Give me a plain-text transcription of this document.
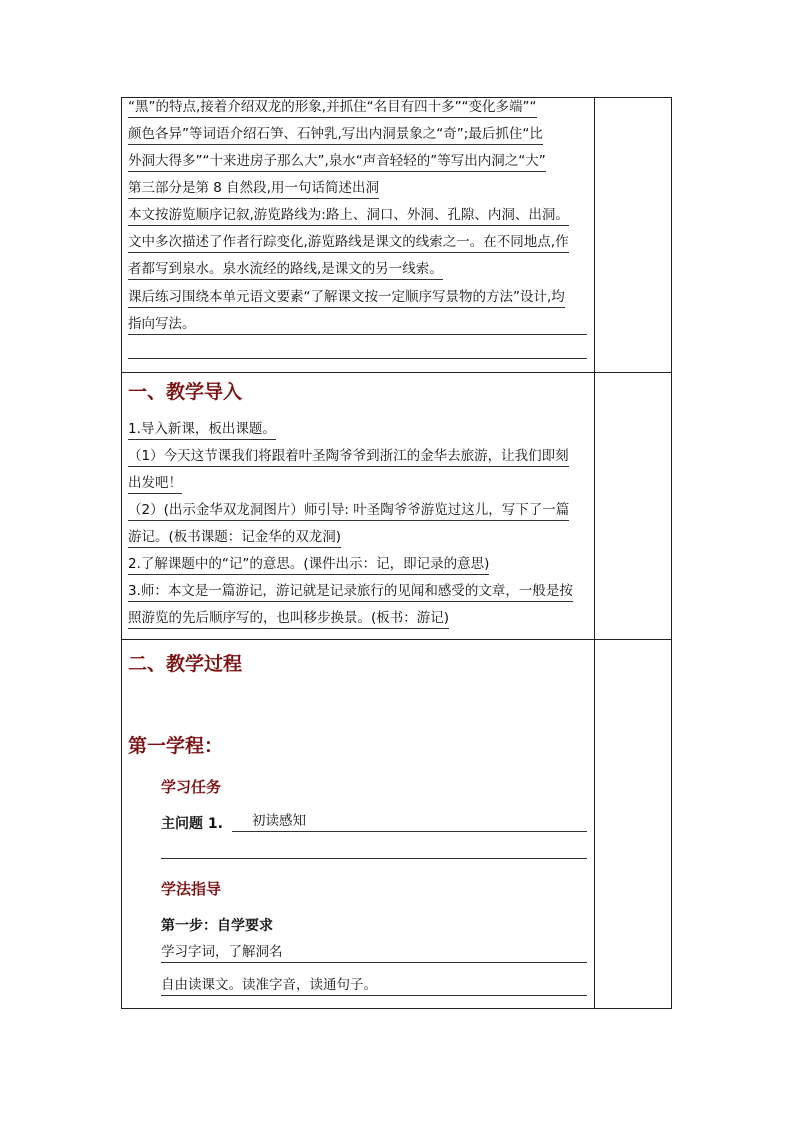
“黑”的特点,接着介绍双龙的形象,并抓住“名目有四十多”“变化多端”“
颜色各异”等词语介绍石笋、石钟乳,写出内洞景象之“奇”;最后抓住“比
外洞大得多”“十来进房子那么大”,泉水“声音轻轻的”等写出内洞之“大”
第三部分是第 8 自然段,用一句话简述出洞
本文按游览顺序记叙,游览路线为:路上、洞口、外洞、孔隙、内洞、出洞。
文中多次描述了作者行踪变化,游览路线是课文的线索之一。在不同地点,作
者都写到泉水。泉水流经的路线,是课文的另一线索。
课后练习围绕本单元语文要素“了解课文按一定顺序写景物的方法”设计,均
指向写法。
一、教学导入
1.导入新课，板出课题。
（1）今天这节课我们将跟着叶圣陶爷爷到浙江的金华去旅游，让我们即刻
出发吧！
（2）(出示金华双龙洞图片）师引导: 叶圣陶爷爷游览过这儿，写下了一篇
游记。(板书课题：记金华的双龙洞)
2.了解课题中的“记”的意思。(课件出示：记，即记录的意思)
3.师：本文是一篇游记，游记就是记录旅行的见闻和感受的文章，一般是按
照游览的先后顺序写的，也叫移步换景。(板书：游记)
二、教学过程
第一学程：
学习任务
主问题 1.	初读感知
学法指导
第一步：自学要求
学习字词，了解洞名
自由读课文。读准字音，读通句子。
